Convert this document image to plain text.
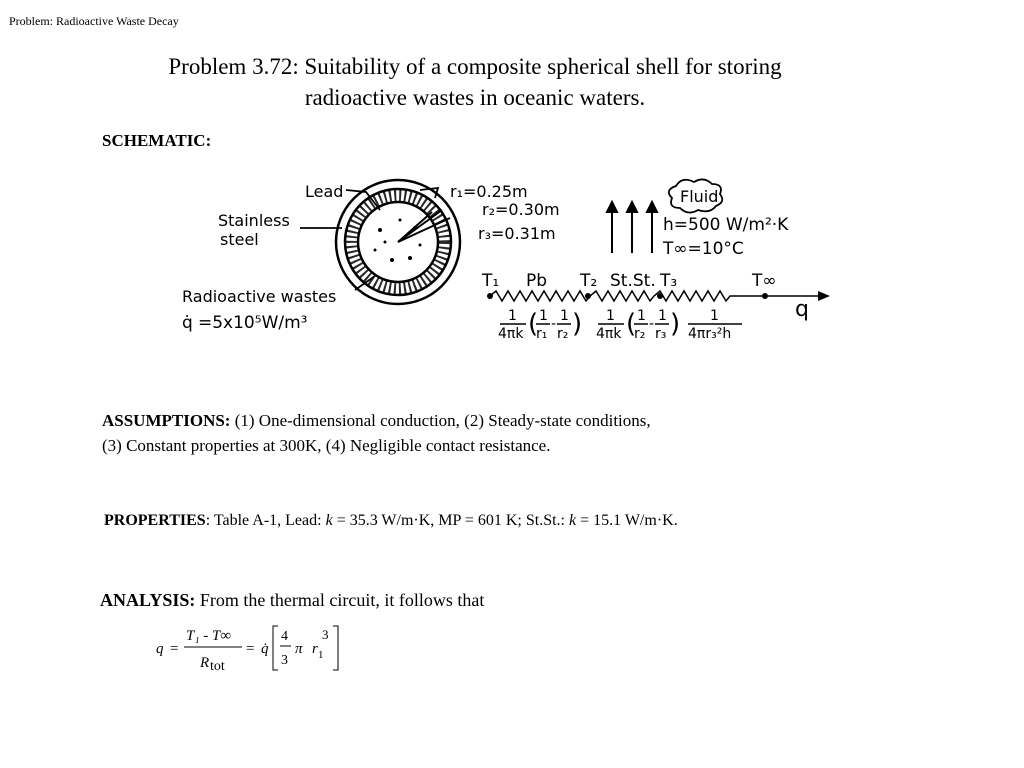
Problem: Radioactive Waste Decay
Problem 3.72: Suitability of a composite spherical shell for storing
radioactive wastes in oceanic waters.
SCHEMATIC:
Lead
Stainless
steel
Radioactive wastes
q̇ =5x10⁵W/m³
r₁=0.25m
r₂=0.30m
r₃=0.31m
Fluid
h=500 W/m²·K
T∞=10°C
T₁ Pb T₂ St.St. T₃	T∞
q
1
4πk ( 1
r₁
- 1
r₂ ) 1
4πk ( 1
r₂
- 1
r₃ ) 1
4πr₃²h
ASSUMPTIONS: (1) One-dimensional conduction, (2) Steady-state conditions,
(3) Constant properties at 300K, (4) Negligible contact resistance.
PROPERTIES: Table A-1, Lead: k = 35.3 W/m·K, MP = 601 K; St.St.: k = 15.1 W/m·K.
ANALYSIS: From the thermal circuit, it follows that
q =
T₁ - T∞
R tot
= q̇
4
3
π r 1
3
